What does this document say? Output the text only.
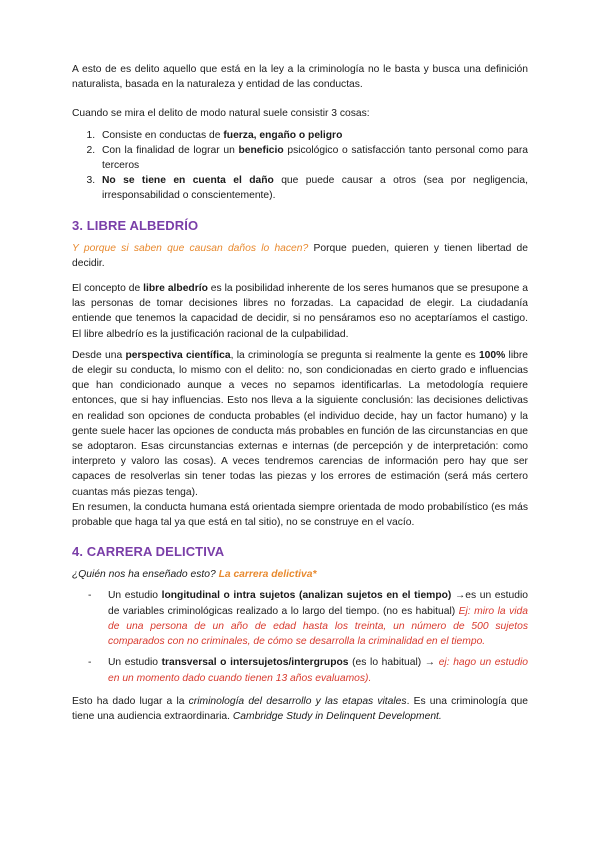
A esto de es delito aquello que está en la ley a la criminología no le basta y busca una definición naturalista, basada en la naturaleza y entidad de las conductas.

Cuando se mira el delito de modo natural suele consistir 3 cosas:

1. Consiste en conductas de fuerza, engaño o peligro
2. Con la finalidad de lograr un beneficio psicológico o satisfacción tanto personal como para terceros
3. No se tiene en cuenta el daño que puede causar a otros (sea por negligencia, irresponsabilidad o conscientemente).
3. LIBRE ALBEDRÍO

Y porque si saben que causan daños lo hacen? Porque pueden, quieren y tienen libertad de decidir.

El concepto de libre albedrío es la posibilidad inherente de los seres humanos que se presupone a las personas de tomar decisiones libres no forzadas. La capacidad de elegir. La ciudadanía entiende que tenemos la capacidad de decidir, si no pensáramos eso no aceptaríamos el castigo. El libre albedrío es la justificación racional de la culpabilidad.

Desde una perspectiva científica, la criminología se pregunta si realmente la gente es 100% libre de elegir su conducta, lo mismo con el delito: no, son condicionadas en cierto grado e influencias que han condicionado aunque a veces no sepamos identificarlas. La metodología requiere entonces, que si hay influencias. Esto nos lleva a la siguiente conclusión: las decisiones delictivas en realidad son opciones de conducta probables (el individuo decide, hay un factor humano) y la gente suele hacer las opciones de conducta más probables en función de las circunstancias en que se adoptaron. Esas circunstancias externas e internas (de percepción y de interpretación: como interpreto y valoro las cosas). A veces tendremos carencias de información pero hay que ser capaces de resolverlas sin tener todas las piezas y los errores de estimación (será más certero cuantas más piezas tenga).

En resumen, la conducta humana está orientada siempre orientada de modo probabilístico (es más probable que haga tal ya que está en tal sitio), no se construye en el vacío.

4. CARRERA DELICTIVA

¿Quién nos ha enseñado esto? La carrera delictiva*

- Un estudio longitudinal o intra sujetos (analizan sujetos en el tiempo) →es un estudio de variables criminológicas realizado a lo largo del tiempo. (no es habitual) Ej: miro la vida de una persona de un año de edad hasta los treinta, un número de 500 sujetos comparados con no criminales, de cómo se desarrolla la criminalidad en el tiempo.
- Un estudio transversal o intersujetos/intergrupos (es lo habitual) → ej: hago un estudio en un momento dado cuando tienen 13 años evaluamos).

Esto ha dado lugar a la criminología del desarrollo y las etapas vitales. Es una criminología que tiene una audiencia extraordinaria. Cambridge Study in Delinquent Development.
